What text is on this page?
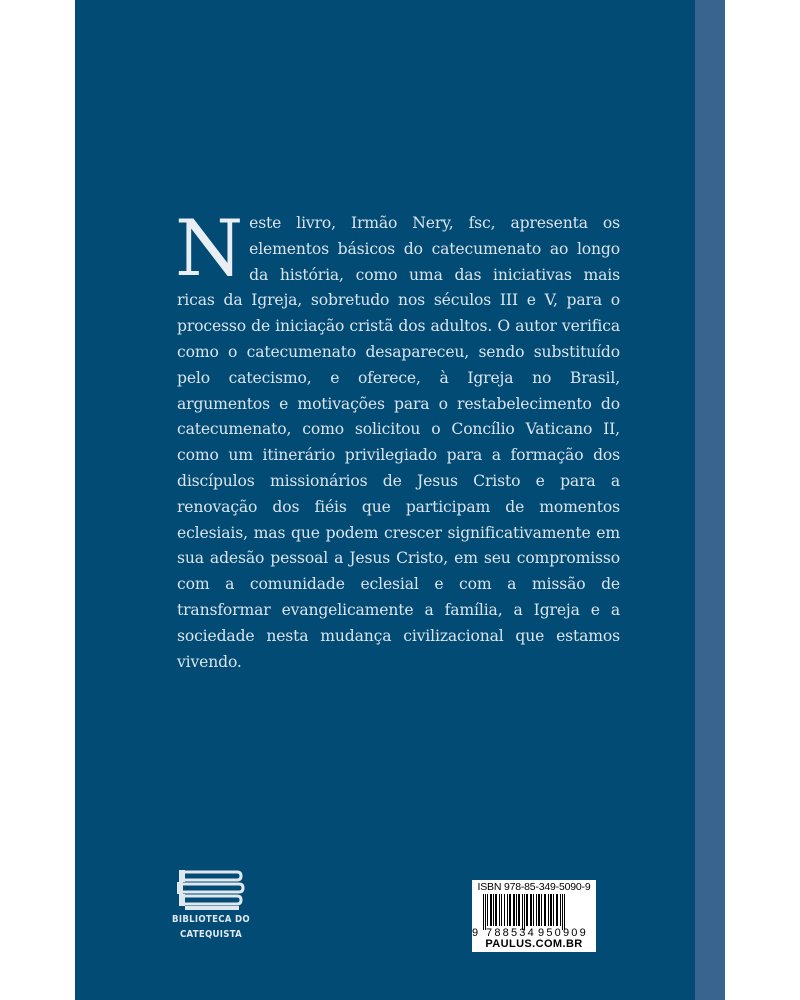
Neste livro, Irmão Nery, fsc, apresenta os elementos básicos do catecumenato ao longo da história, como uma das iniciativas mais ricas da Igreja, sobretudo nos séculos III e V, para o processo de iniciação cristã dos adultos. O autor verifica como o catecumenato desapareceu, sendo substituído pelo catecismo, e oferece, à Igreja no Brasil, argumentos e motivações para o restabelecimento do catecumenato, como solicitou o Concílio Vaticano II, como um itinerário privilegiado para a formação dos discípulos missionários de Jesus Cristo e para a renovação dos fiéis que participam de momentos eclesiais, mas que podem crescer significativamente em sua adesão pessoal a Jesus Cristo, em seu compromisso com a comunidade eclesial e com a missão de transformar evangelicamente a família, a Igreja e a sociedade nesta mudança civilizacional que estamos vivendo.
BIBLIOTECA DO
CATEQUISTA
ISBN 978-85-349-5090-9
9 788534 950909
PAULUS.COM.BR
